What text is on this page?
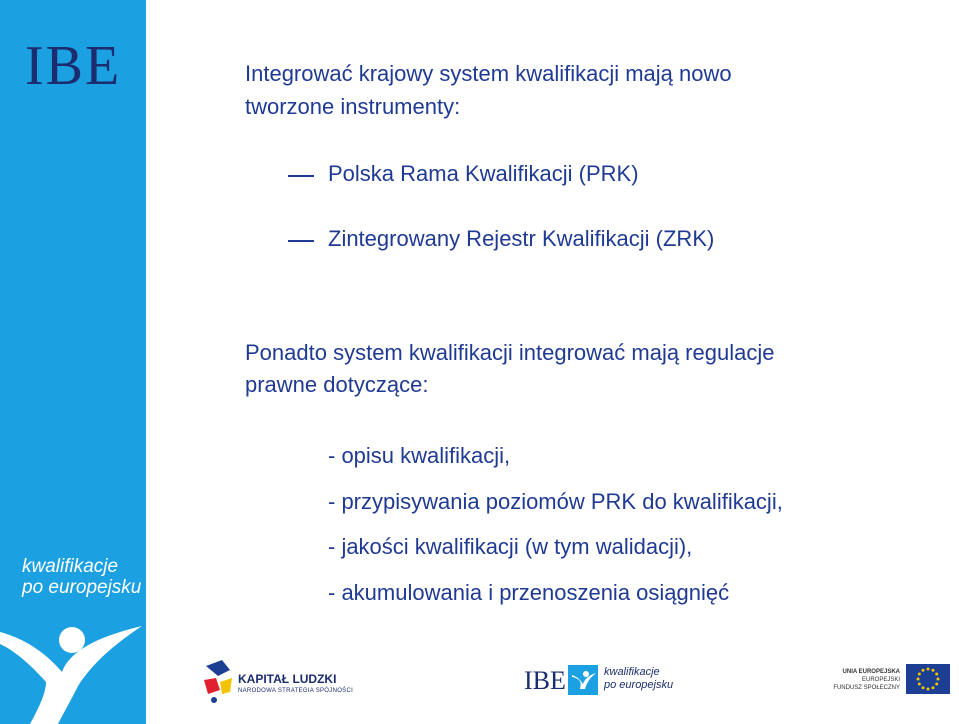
IBE
kwalifikacje
po europejsku
Integrować krajowy system kwalifikacji mają nowo
tworzone instrumenty:
Polska Rama Kwalifikacji (PRK)
Zintegrowany Rejestr Kwalifikacji (ZRK)
Ponadto system kwalifikacji integrować mają regulacje
prawne dotyczące:
- opisu kwalifikacji,
- przypisywania poziomów PRK do kwalifikacji,
- jakości kwalifikacji (w tym walidacji),
- akumulowania i przenoszenia osiągnięć
KAPITAŁ LUDZKI
NARODOWA STRATEGIA SPÓJNOŚCI	IBE	kwalifikacje
po europejsku
UNIA EUROPEJSKA
EUROPEJSKI
FUNDUSZ SPOŁECZNY
